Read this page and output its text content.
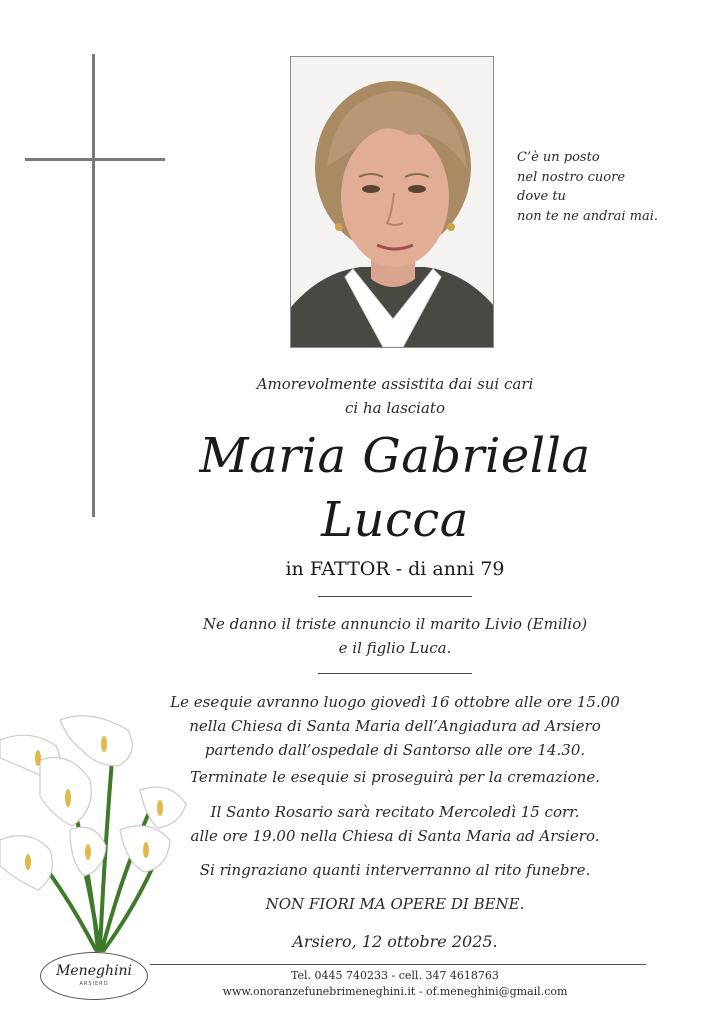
C’è un posto
nel nostro cuore
dove tu
non te ne andrai mai.
Amorevolmente assistita dai sui cari
ci ha lasciato
Maria Gabriella
Lucca
in FATTOR - di anni 79
Ne danno il triste annuncio il marito Livio (Emilio)
e il figlio Luca.
Le esequie avranno luogo giovedì 16 ottobre alle ore 15.00
nella Chiesa di Santa Maria dell’Angiadura ad Arsiero
partendo dall’ospedale di Santorso alle ore 14.30.
Terminate le esequie si proseguirà per la cremazione.
Il Santo Rosario sarà recitato Mercoledì 15 corr.
alle ore 19.00 nella Chiesa di Santa Maria ad Arsiero.
Si ringraziano quanti interverranno al rito funebre.
NON FIORI MA OPERE DI BENE.
Arsiero, 12 ottobre 2025.
Meneghini
ARSIERO
Tel. 0445 740233 - cell. 347 4618763
www.onoranzefunebrimeneghini.it - of.meneghini@gmail.com
